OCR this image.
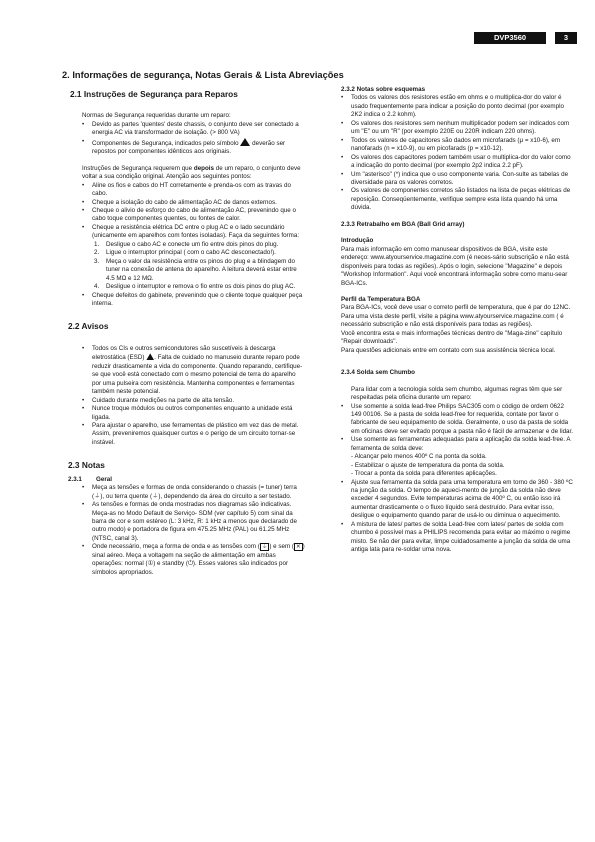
DVP3560	3
2. Informações de segurança, Notas Gerais & Lista Abreviações
2.1 Instruções de Segurança para Reparos

Normas de Segurança requeridas durante um reparo:

•	Devido as partes 'quentes' deste chassis, o conjunto deve ser conectado a energia AC via transformador de isolação. (> 800 VA)
•	Componentes de Segurança, indicados pelo símbolo deverão ser repostos por componentes idênticos aos originais.

Instruções de Segurança requerem que depois de um reparo, o conjunto deve voltar a sua condição original. Atenção aos seguintes pontos:

•	Aline os fios e cabos do HT corretamente e prenda-os com as travas do cabo.
•	Cheque a isolação do cabo de alimentação AC de danos externos.
•	Cheque o alivio de esforço do cabo de alimentação AC, prevenindo que o cabo toque componentes quentes, ou fontes de calor.
•	Cheque a resistência elétrica DC entre o plug AC e o lado secundário (unicamente em aparelhos com fontes isoladas). Faça da seguintes forma:
1.	Desligue o cabo AC e conecte um fio entre dois pinos do plug.
2.	Ligue o interruptor principal ( com o cabo AC desconectado!).
3.	Meça o valor da resistência entre os pinos do plug e a blindagem do tuner na conexão de antena do aparelho. A leitura deverá estar entre 4.5 MΩ e 12 MΩ.
4.	Desligue o interruptor e remova o fio entre os dois pinos do plug AC.
•	Cheque defeitos do gabinete, prevenindo que o cliente toque qualquer peça interna.
2.2 Avisos
•	Todos os CIs e outros semicondutores são suscetíveis à descarga eletrostática (ESD) . Falta de cuidado no manuseio durante reparo pode reduzir drasticamente a vida do componente. Quando reparando, certifique-se que você está conectado com o mesmo potencial de terra do aparelho por uma pulseira com resistência. Mantenha componentes e ferramentas também neste potencial.
•	Cuidado durante medições na parte de alta tensão.
•	Nunce troque módulos ou outros componentes enquanto a unidade está ligada.
•	Para ajustar o aparelho, use ferramentas de plástico em vez das de metal. Assim, preveniremos quaisquer curtos e o perigo de um circuito tornar-se instável.
2.3 Notas
2.3.1	Geral
•	Meça as tensões e formas de onda considerando o chassis (= tuner) terra (⏚), ou terra quente (⏚), dependendo da área do circuito a ser testado.
•	As tensões e formas de onda mostradas nos diagramas são indicativas. Meça-as no Modo Default de Serviço- SDM (ver capítulo 5) com sinal da barra de cor e som estéreo (L: 3 kHz, R: 1 kHz a menos que declarado de outro modo) e portadora de figura em 475.25 MHz (PAL) ou 61.25 MHz (NTSC, canal 3).
•	Onde necessário, meça a forma de onda e as tensões com ( ⏚ ) e sem ( ✕ ) sinal aéreo. Meça a voltagem na seção de alimentação em ambas operações: normal (①) e standby (⏻). Esses valores são indicados por símbolos apropriados.
2.3.2 Notas sobre esquemas
•	Todos os valores dos resistores estão em ohms e o multiplica-dor do valor é usado frequentemente para indicar a posição do ponto decimal (por exemplo 2K2 indica o 2.2 kohm).
•	Os valores dos resistores sem nenhum multiplicador podem ser indicados com um "E" ou um "R" (por exemplo 220E ou 220R indicam 220 ohms).
•	Todos os valores de capacitores são dados em microfarads (μ = x10-6), em nanofarads (n = x10-9), ou em picofarads (p = x10-12).
•	Os valores dos capacitores podem também usar o multiplica-dor do valor como a indicação do ponto decimal (por exemplo 2p2 indica 2.2 pF).
•	Um "asterisco" (*) indica que o uso componente varia. Con-sulte as tabelas de diversidade para os valores corretos.
•	Os valores de componentes corretos são listados na lista de peças elétricas de reposição. Conseqüentemente, verifique sempre esta lista quando há uma dúvida.
2.3.3 Retrabalho em BGA (Ball Grid array)
Introdução

Para mais informação em como manusear dispositivos de BGA, visite este endereço: www.atyourservice.magazine.com (é neces-sário subscrição e não está disponíveis para todas as regiões). Após o login, selecione "Magazine" e depois "Workshop Information". Aqui você encontrará informação sobre como manu-sear BGA-ICs.

Perfil da Temperatura BGA

Para BGA-ICs, você deve usar o correto perfil de temperatura, que é par do 12NC. Para uma vista deste perfil, visite a página www.atyourservice.magazine.com ( é necessário subscrição e não está disponíveis para todas as regiões).

Você encontra esta e mais informações técnicas dentro de "Maga-zine" capítulo "Repair downloads".

Para questões adicionais entre em contato com sua assistência técnica local.

2.3.4 Solda sem Chumbo

Para lidar com a tecnologia solda sem chumbo, algumas regras têm que ser respeitadas pela oficina durante um reparo:

•	Use somente a solda lead-free Philips SAC305 com o código de ordem 0622 149 00106. Se a pasta de solda lead-free for requerida, contate por favor o fabricante de seu equipamento de solda. Geralmente, o uso da pasta de solda em oficinas deve ser evitado porque a pasta não é fácil de armazenar e de lidar.
•	Use somente as ferramentas adequadas para a aplicação da solda lead-free. A ferramenta de solda deve:

- Alcançar pelo menos 400º C na ponta da solda.

- Estabilizar o ajuste de temperatura da ponta da solda.

- Trocar a ponta da solda para diferentes aplicações.

•	Ajuste sua ferramenta da solda para uma temperatura em torno de 360 - 380 ºC na junção da solda. O tempo de aqueci-mento de junção da solda não deve exceder 4 segundos. Evite temperaturas acima de 400º C, ou então isso irá aumentar drasticamente o o fluxo líquido será destruído. Para evitar isso, desligue o equipamento quando parar de usá-lo ou diminua o aquecimento.
•	A mistura de lates/ partes de solda Lead-free com lates/ partes de solda com chumbo é possível mas a PHILIPS recomenda para evitar ao máximo o regime misto. Se não der para evitar, limpe cuidadosamente a junção da solda de uma antiga lata para re-soldar uma nova.
